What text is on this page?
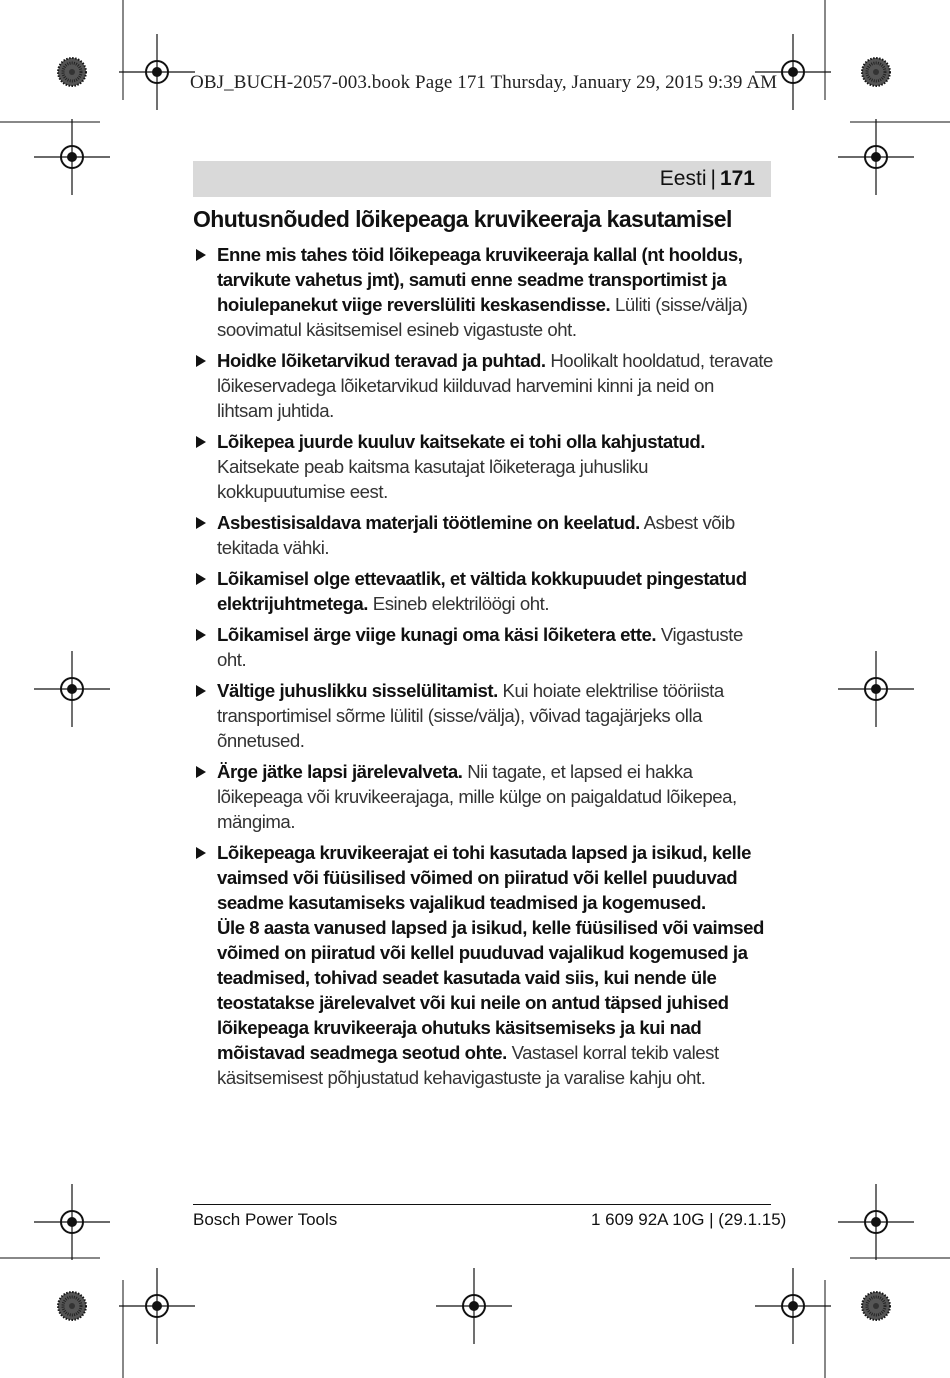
OBJ_BUCH-2057-003.book Page 171 Thursday, January 29, 2015 9:39 AM
Eesti | 171
Ohutusnõuded lõikepeaga kruvikeeraja kasutamisel
Enne mis tahes töid lõikepeaga kruvikeeraja kallal (nt hooldus, tarvikute vahetus jmt), samuti enne seadme transportimist ja hoiulepanekut viige reverslüliti keskasendisse. Lüliti (sisse/välja) soovimatul käsitsemisel esineb vigastuste oht.
Hoidke lõiketarvikud teravad ja puhtad. Hoolikalt hooldatud, teravate lõikeservadega lõiketarvikud kiilduvad harvemini kinni ja neid on lihtsam juhtida.
Lõikepea juurde kuuluv kaitsekate ei tohi olla kahjustatud. Kaitsekate peab kaitsma kasutajat lõiketeraga juhusliku kokkupuutumise eest.
Asbestisisaldava materjali töötlemine on keelatud. Asbest võib tekitada vähki.
Lõikamisel olge ettevaatlik, et vältida kokkupuudet pingestatud elektrijuhtmetega. Esineb elektrilöögi oht.
Lõikamisel ärge viige kunagi oma käsi lõiketera ette. Vigastuste oht.
Vältige juhuslikku sisselülitamist. Kui hoiate elektrilise tööriista transportimisel sõrme lülitil (sisse/välja), võivad tagajärjeks olla õnnetused.
Ärge jätke lapsi järelevalveta. Nii tagate, et lapsed ei hakka lõikepeaga või kruvikeerajaga, mille külge on paigaldatud lõikepea, mängima.
Lõikepeaga kruvikeerajat ei tohi kasutada lapsed ja isikud, kelle vaimsed või füüsilised võimed on piiratud või kellel puuduvad seadme kasutamiseks vajalikud teadmised ja kogemused.
Üle 8 aasta vanused lapsed ja isikud, kelle füüsilised või vaimsed võimed on piiratud või kellel puuduvad vajalikud kogemused ja teadmised, tohivad seadet kasutada vaid siis, kui nende üle teostatakse järelevalvet või kui neile on antud täpsed juhised lõikepeaga kruvikeeraja ohutuks käsitsemiseks ja kui nad mõistavad seadmega seotud ohte. Vastasel korral tekib valest käsitsemisest põhjustatud kehavigastuste ja varalise kahju oht.
Bosch Power Tools	1 609 92A 10G | (29.1.15)
